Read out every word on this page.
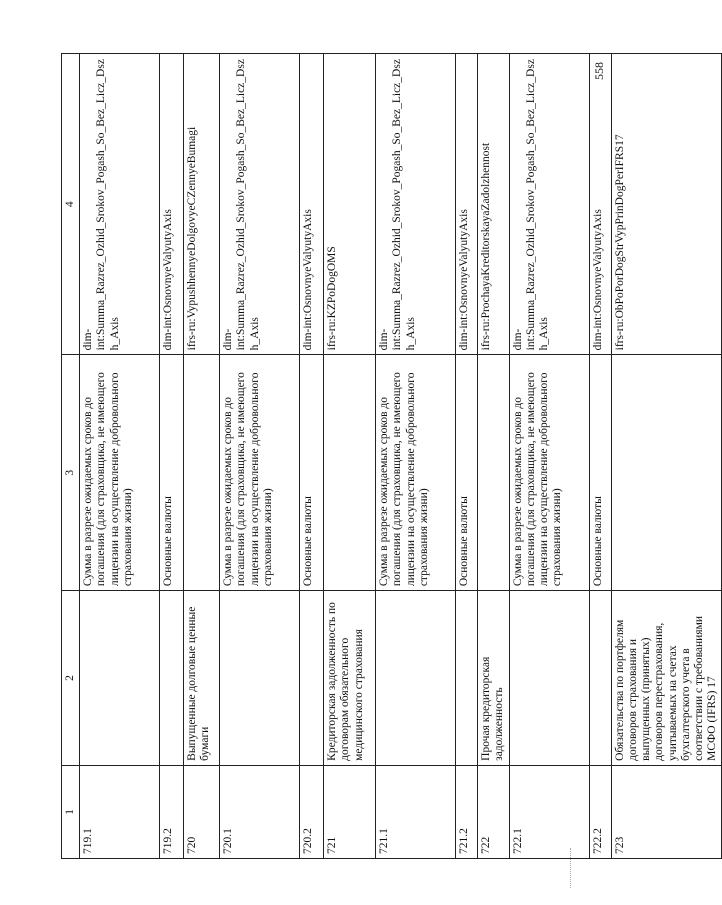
558
1	2	3	4
719.1		Сумма в разрезе ожидаемых сроков до погашения (для страховщика, не имеющего лицензии на осуществление добровольного страхования жизни)	dim-int:Summa_Razrez_Ozhid_Srokov_Pogash_So_Bez_Licz_Dszh_Axis
719.2		Основные валюты	dim-int:OsnovnyeValyutyAxis
720	Выпущенные долговые ценные бумаги		ifrs-ru:VypushhennyeDolgovyeCZennyeBumagi
720.1		Сумма в разрезе ожидаемых сроков до погашения (для страховщика, не имеющего лицензии на осуществление добровольного страхования жизни)	dim-int:Summa_Razrez_Ozhid_Srokov_Pogash_So_Bez_Licz_Dszh_Axis
720.2		Основные валюты	dim-int:OsnovnyeValyutyAxis
721	Кредиторская задолженность по договорам обязательного медицинского страхования		ifrs-ru:KZPoDogOMS
721.1		Сумма в разрезе ожидаемых сроков до погашения (для страховщика, не имеющего лицензии на осуществление добровольного страхования жизни)	dim-int:Summa_Razrez_Ozhid_Srokov_Pogash_So_Bez_Licz_Dszh_Axis
721.2		Основные валюты	dim-int:OsnovnyeValyutyAxis
722	Прочая кредиторская задолженность		ifrs-ru:ProchayaKreditorskayaZadolzhennost
722.1		Сумма в разрезе ожидаемых сроков до погашения (для страховщика, не имеющего лицензии на осуществление добровольного страхования жизни)	dim-int:Summa_Razrez_Ozhid_Srokov_Pogash_So_Bez_Licz_Dszh_Axis
722.2		Основные валюты	dim-int:OsnovnyeValyutyAxis
723	Обязательства по портфелям договоров страхования и выпущенных (принятых) договоров перестрахования, учитываемых на счетах бухгалтерского учета в соответствии с требованиями МСФО (IFRS) 17		ifrs-ru:ObPoPorDogStrVypPrinDogPerIFRS17
